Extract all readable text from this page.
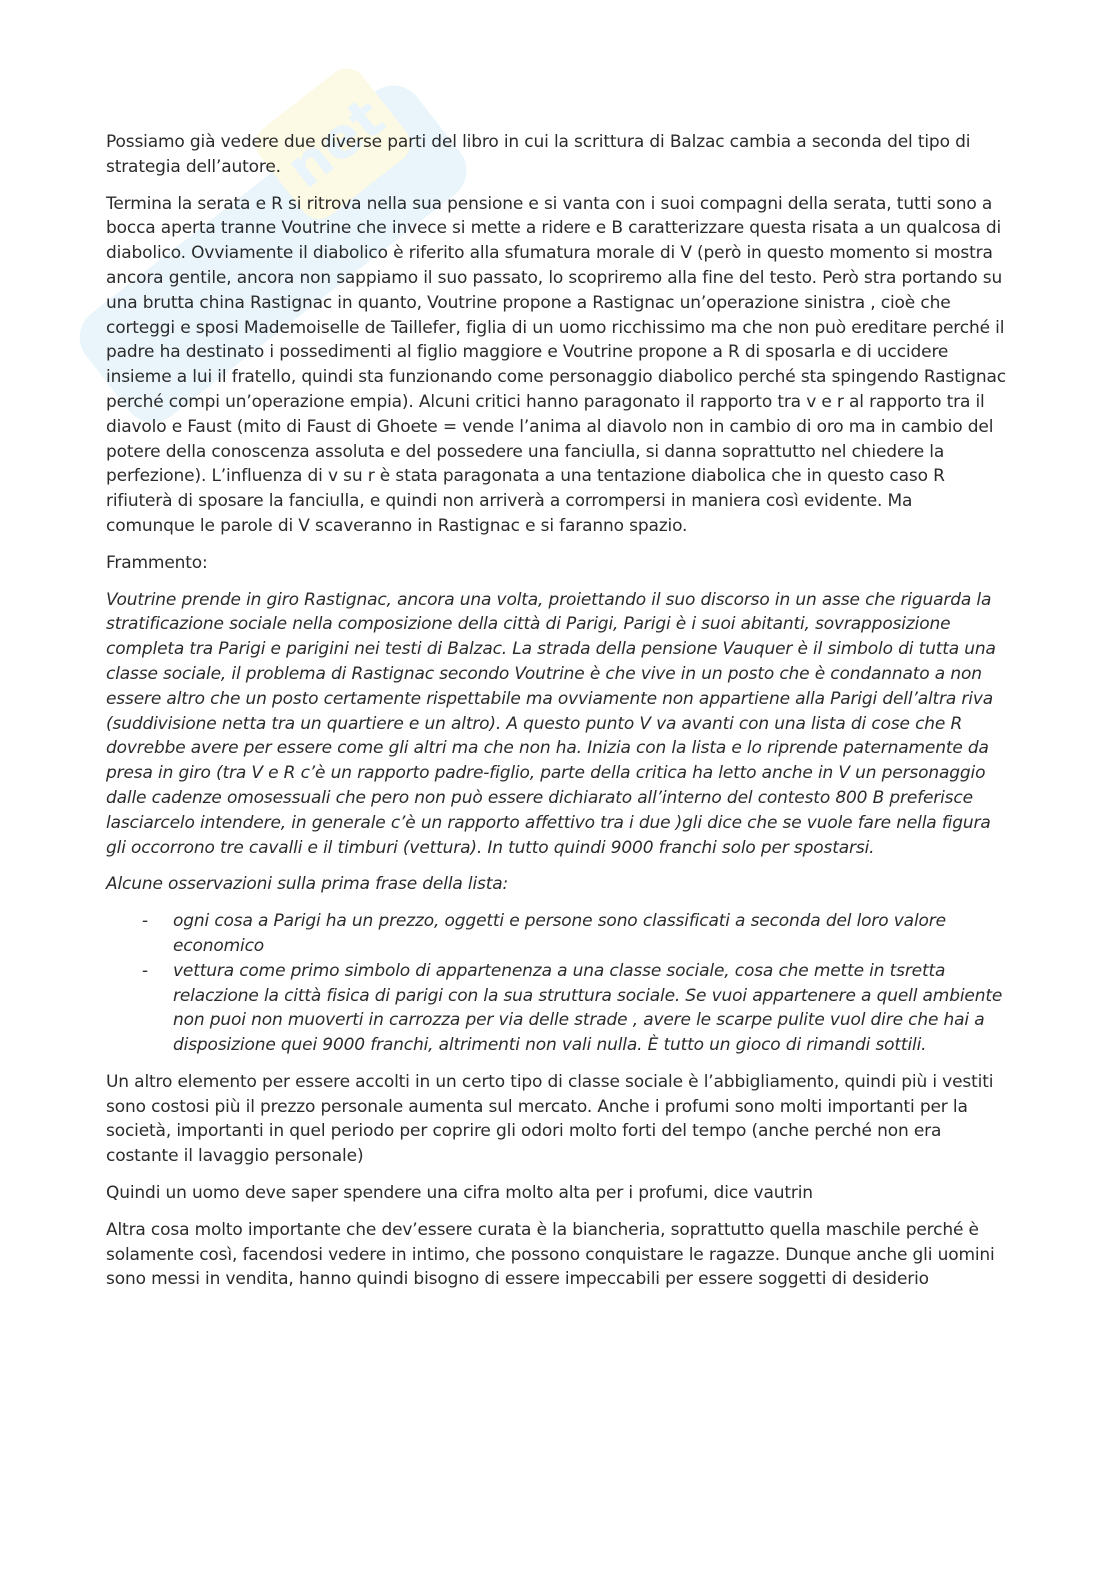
net

Possiamo già vedere due diverse parti del libro in cui la scrittura di Balzac cambia a seconda del tipo di strategia dell’autore.

Termina la serata e R si ritrova nella sua pensione e si vanta con i suoi compagni della serata, tutti sono a bocca aperta tranne Voutrine che invece si mette a ridere e B caratterizzare questa risata a un qualcosa di diabolico. Ovviamente il diabolico è riferito alla sfumatura morale di V (però in questo momento si mostra ancora gentile, ancora non sappiamo il suo passato, lo scopriremo alla fine del testo. Però stra portando su una brutta china Rastignac in quanto, Voutrine propone a Rastignac un’operazione sinistra , cioè che corteggi e sposi Mademoiselle de Taillefer, figlia di un uomo ricchissimo ma che non può ereditare perché il padre ha destinato i possedimenti al figlio maggiore e Voutrine propone a R di sposarla e di uccidere insieme a lui il fratello, quindi sta funzionando come personaggio diabolico perché sta spingendo Rastignac perché compi un’operazione empia). Alcuni critici hanno paragonato il rapporto tra v e r al rapporto tra il diavolo e Faust (mito di Faust di Ghoete = vende l’anima al diavolo non in cambio di oro ma in cambio del potere della conoscenza assoluta e del possedere una fanciulla, si danna soprattutto nel chiedere la perfezione). L’influenza di v su r è stata paragonata a una tentazione diabolica che in questo caso R rifiuterà di sposare la fanciulla, e quindi non arriverà a corrompersi in maniera così evidente. Ma comunque le parole di V scaveranno in Rastignac e si faranno spazio.

Frammento:

Voutrine prende in giro Rastignac, ancora una volta, proiettando il suo discorso in un asse che riguarda la stratificazione sociale nella composizione della città di Parigi, Parigi è i suoi abitanti, sovrapposizione completa tra Parigi e parigini nei testi di Balzac. La strada della pensione Vauquer è il simbolo di tutta una classe sociale, il problema di Rastignac secondo Voutrine è che vive in un posto che è condannato a non essere altro che un posto certamente rispettabile ma ovviamente non appartiene alla Parigi dell’altra riva (suddivisione netta tra un quartiere e un altro). A questo punto V va avanti con una lista di cose che R dovrebbe avere per essere come gli altri ma che non ha. Inizia con la lista e lo riprende paternamente da presa in giro (tra V e R c’è un rapporto padre-figlio, parte della critica ha letto anche in V un personaggio dalle cadenze omosessuali che pero non può essere dichiarato all’interno del contesto 800 B preferisce lasciarcelo intendere, in generale c’è un rapporto affettivo tra i due )gli dice che se vuole fare nella figura gli occorrono tre cavalli e il timburi (vettura). In tutto quindi 9000 franchi solo per spostarsi.

Alcune osservazioni sulla prima frase della lista:

- ogni cosa a Parigi ha un prezzo, oggetti e persone sono classificati a seconda del loro valore economico
- vettura come primo simbolo di appartenenza a una classe sociale, cosa che mette in tsretta relaczione la città fisica di parigi con la sua struttura sociale. Se vuoi appartenere a quell ambiente non puoi non muoverti in carrozza per via delle strade , avere le scarpe pulite vuol dire che hai a disposizione quei 9000 franchi, altrimenti non vali nulla. È tutto un gioco di rimandi sottili.

Un altro elemento per essere accolti in un certo tipo di classe sociale è l’abbigliamento, quindi più i vestiti sono costosi più il prezzo personale aumenta sul mercato. Anche i profumi sono molti importanti per la società, importanti in quel periodo per coprire gli odori molto forti del tempo (anche perché non era costante il lavaggio personale)

Quindi un uomo deve saper spendere una cifra molto alta per i profumi, dice vautrin

Altra cosa molto importante che dev’essere curata è la biancheria, soprattutto quella maschile perché è solamente così, facendosi vedere in intimo, che possono conquistare le ragazze. Dunque anche gli uomini sono messi in vendita, hanno quindi bisogno di essere impeccabili per essere soggetti di desiderio
